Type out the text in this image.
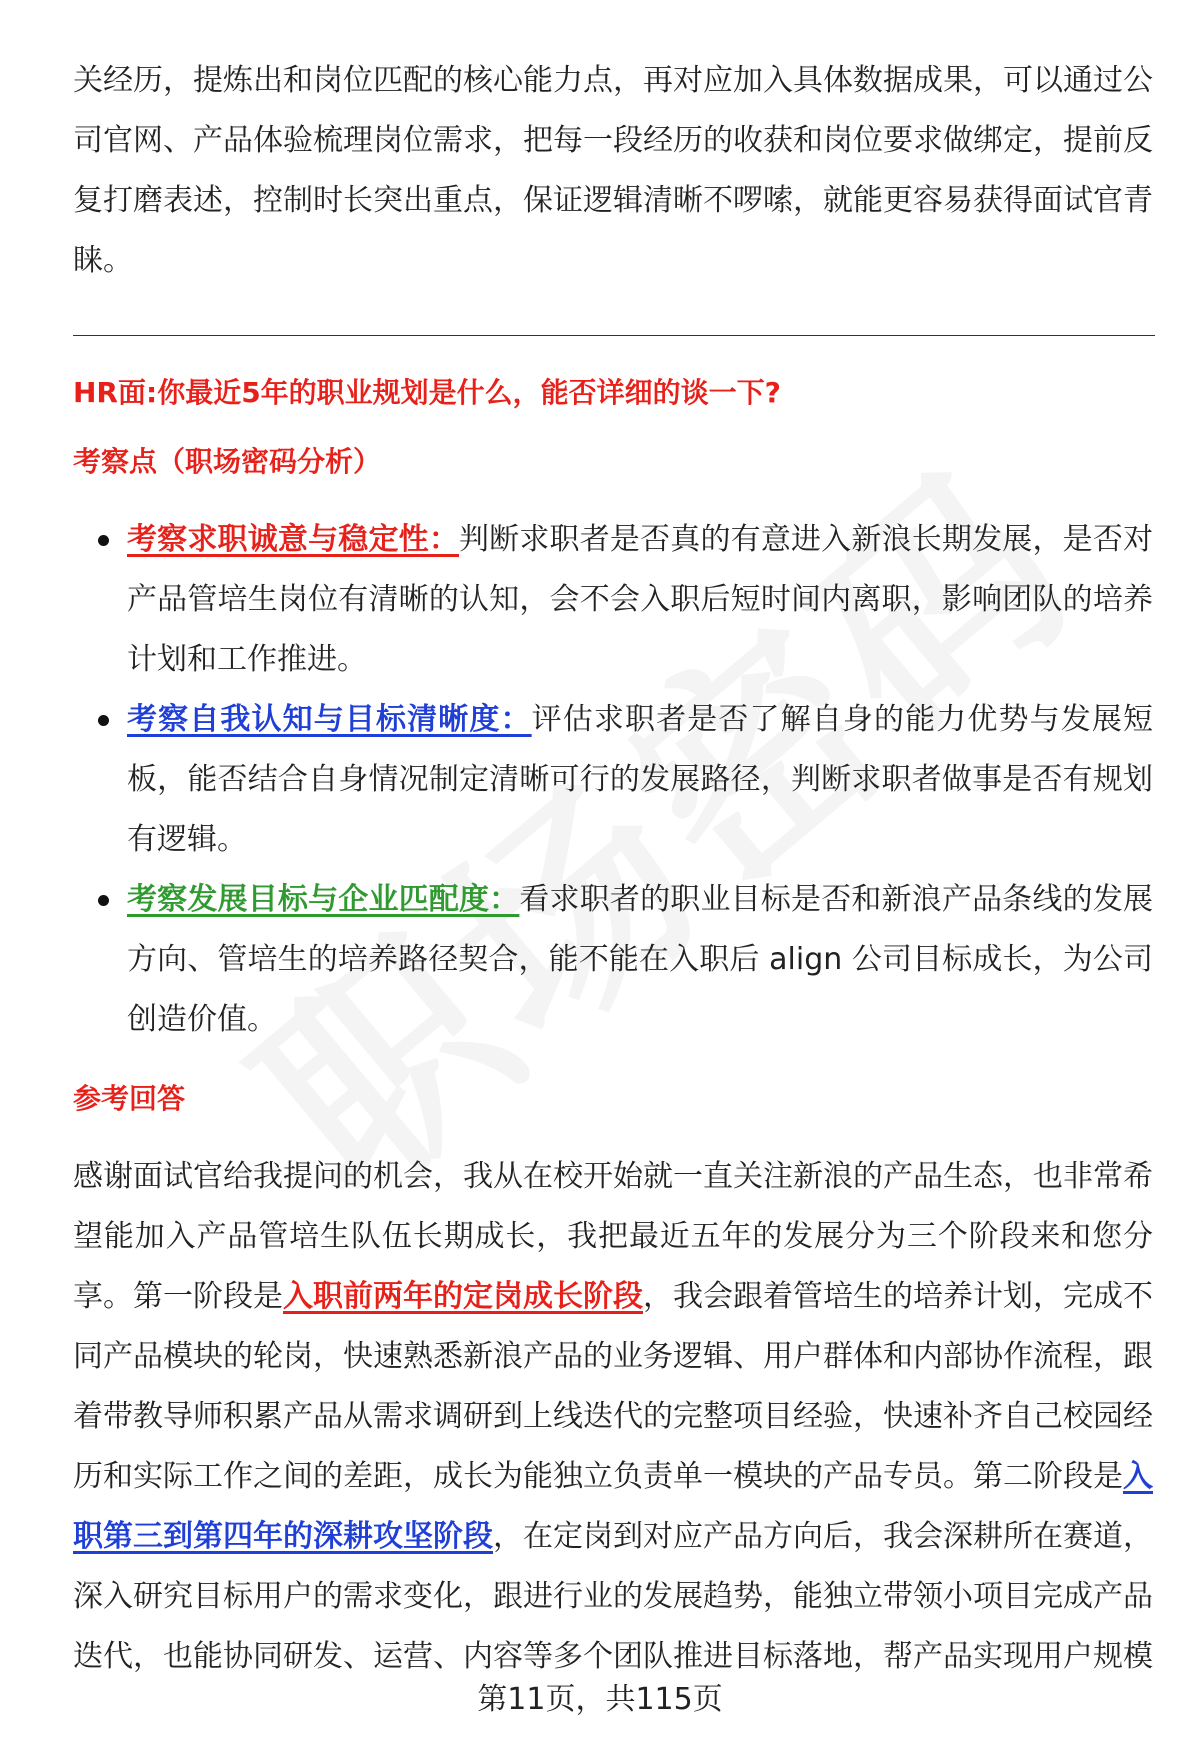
关经历，提炼出和岗位匹配的核心能力点，再对应加入具体数据成果，可以通过公司官网、产品体验梳理岗位需求，把每一段经历的收获和岗位要求做绑定，提前反复打磨表述，控制时长突出重点，保证逻辑清晰不啰嗦，就能更容易获得面试官青睐。
HR面:你最近5年的职业规划是什么，能否详细的谈一下?
考察点（职场密码分析）
考察求职诚意与稳定性：判断求职者是否真的有意进入新浪长期发展，是否对产品管培生岗位有清晰的认知，会不会入职后短时间内离职，影响团队的培养计划和工作推进。
考察自我认知与目标清晰度：评估求职者是否了解自身的能力优势与发展短板，能否结合自身情况制定清晰可行的发展路径，判断求职者做事是否有规划有逻辑。
考察发展目标与企业匹配度：看求职者的职业目标是否和新浪产品条线的发展方向、管培生的培养路径契合，能不能在入职后 align 公司目标成长，为公司创造价值。
参考回答
感谢面试官给我提问的机会，我从在校开始就一直关注新浪的产品生态，也非常希望能加入产品管培生队伍长期成长，我把最近五年的发展分为三个阶段来和您分享。第一阶段是入职前两年的定岗成长阶段，我会跟着管培生的培养计划，完成不同产品模块的轮岗，快速熟悉新浪产品的业务逻辑、用户群体和内部协作流程，跟着带教导师积累产品从需求调研到上线迭代的完整项目经验，快速补齐自己校园经历和实际工作之间的差距，成长为能独立负责单一模块的产品专员。第二阶段是入职第三到第四年的深耕攻坚阶段，在定岗到对应产品方向后，我会深耕所在赛道，深入研究目标用户的需求变化，跟进行业的发展趋势，能独立带领小项目完成产品迭代，也能协同研发、运营、内容等多个团队推进目标落地，帮产品实现用户规模
第11页，共115页
